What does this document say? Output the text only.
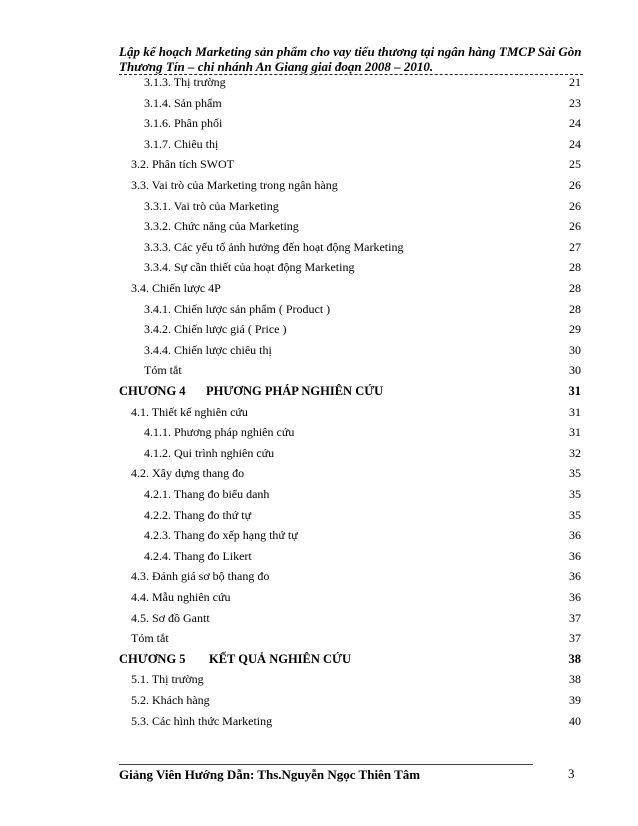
Lập kế hoạch Marketing sản phẩm cho vay tiểu thương tại ngân hàng TMCP Sài Gòn
Thương Tín – chi nhánh An Giang giai đoạn 2008 – 2010.
3.1.3. Thị trường	21
3.1.4. Sản phẩm	23
3.1.6. Phân phối	24
3.1.7. Chiêu thị	24
3.2. Phân tích SWOT	25
3.3. Vai trò của Marketing trong ngân hàng	26
3.3.1. Vai trò của Marketing	26
3.3.2. Chức năng của Marketing	26
3.3.3. Các yếu tố ảnh hưởng đến hoạt động Marketing	27
3.3.4. Sự cần thiết của hoạt động Marketing	28
3.4. Chiến lược 4P	28
3.4.1. Chiến lược sản phẩm ( Product )	28
3.4.2. Chiến lược giá ( Price )	29
3.4.4. Chiến lược chiêu thị	30
Tóm tắt	30
CHƯƠNG 4 PHƯƠNG PHÁP NGHIÊN CỨU	31
4.1. Thiết kế nghiên cứu	31
4.1.1. Phương pháp nghiên cứu	31
4.1.2. Qui trình nghiên cứu	32
4.2. Xây dựng thang đo	35
4.2.1. Thang đo biểu danh	35
4.2.2. Thang đo thứ tự	35
4.2.3. Thang đo xếp hạng thứ tự	36
4.2.4. Thang đo Likert	36
4.3. Đánh giá sơ bộ thang đo	36
4.4. Mẫu nghiên cứu	36
4.5. Sơ đồ Gantt	37
Tóm tắt	37
CHƯƠNG 5 KẾT QUẢ NGHIÊN CỨU	38
5.1. Thị trường	38
5.2. Khách hàng	39
5.3. Các hình thức Marketing	40
Giảng Viên Hướng Dẫn: Ths.Nguyễn Ngọc Thiên Tâm	3
